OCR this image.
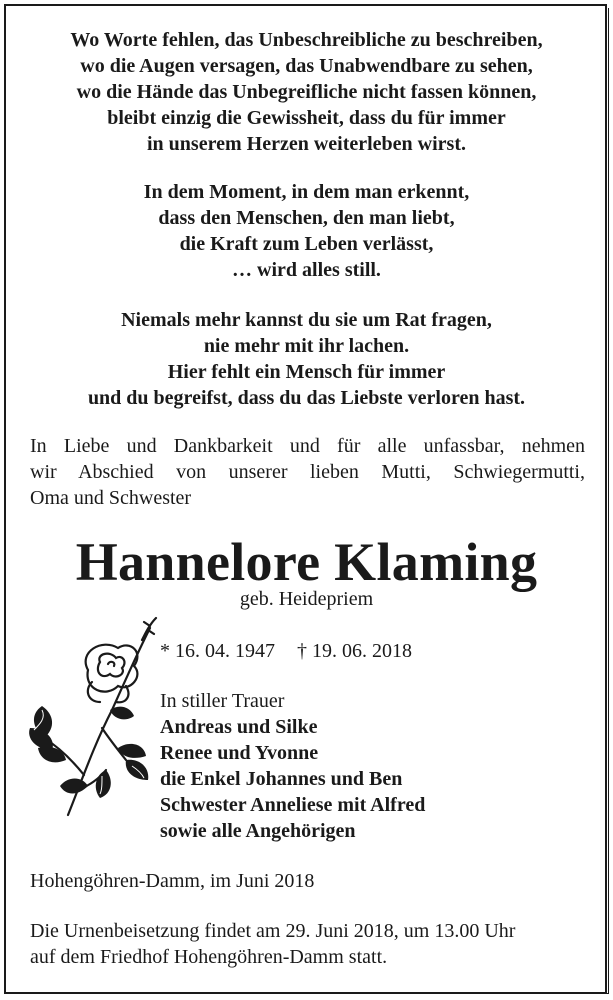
Wo Worte fehlen, das Unbeschreibliche zu beschreiben,
wo die Augen versagen, das Unabwendbare zu sehen,
wo die Hände das Unbegreifliche nicht fassen können,
bleibt einzig die Gewissheit, dass du für immer
in unserem Herzen weiterleben wirst.
In dem Moment, in dem man erkennt,
dass den Menschen, den man liebt,
die Kraft zum Leben verlässt,
… wird alles still.
Niemals mehr kannst du sie um Rat fragen,
nie mehr mit ihr lachen.
Hier fehlt ein Mensch für immer
und du begreifst, dass du das Liebste verloren hast.
In Liebe und Dankbarkeit und für alle unfassbar, nehmen
wir Abschied von unserer lieben Mutti, Schwiegermutti,
Oma und Schwester
Hannelore Klaming
geb. Heidepriem
* 16. 04. 1947 † 19. 06. 2018
In stiller Trauer
Andreas und Silke
Renee und Yvonne
die Enkel Johannes und Ben
Schwester Anneliese mit Alfred
sowie alle Angehörigen
Hohengöhren-Damm, im Juni 2018
Die Urnenbeisetzung findet am 29. Juni 2018, um 13.00 Uhr
auf dem Friedhof Hohengöhren-Damm statt.
